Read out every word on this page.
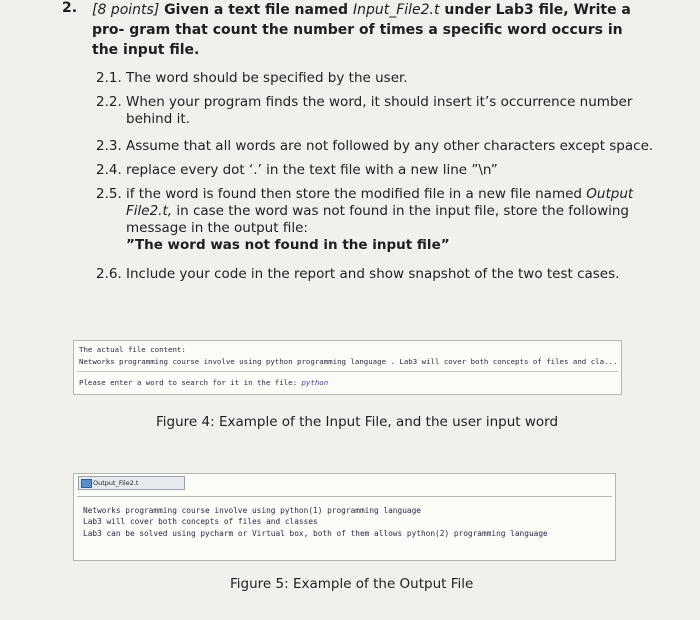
2. [8 points] Given a text file named Input_File2.t under Lab3 file, Write a pro- gram that count the number of times a specific word occurs in the input file.
2.1. The word should be specified by the user.
2.2. When your program finds the word, it should insert it’s occurrence number behind it.
2.3. Assume that all words are not followed by any other characters except space.
2.4. replace every dot ‘.’ in the text file with a new line ”\n”
2.5. if the word is found then store the modified file in a new file named Output File2.t, in case the word was not found in the input file, store the following message in the output file:
”The word was not found in the input file”
2.6. Include your code in the report and show snapshot of the two test cases.
The actual file content:
Networks programming course involve using python programming language . Lab3 will cover both concepts of files and cla...
Please enter a word to search for it in the file: python
Figure 4: Example of the Input File, and the user input word
Output_File2.t
Networks programming course involve using python(1) programming language
Lab3 will cover both concepts of files and classes
Lab3 can be solved using pycharm or Virtual box, both of them allows python(2) programming language
Figure 5: Example of the Output File
